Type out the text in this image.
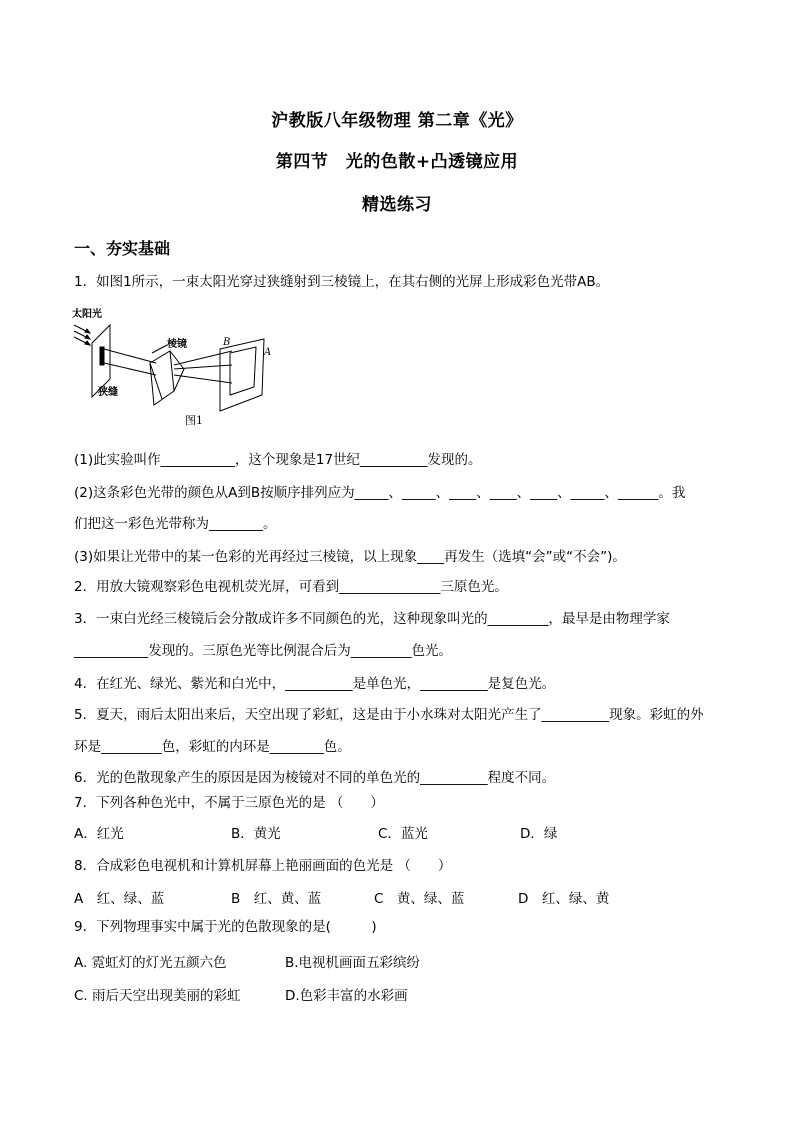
沪教版八年级物理 第二章《光》
第四节　光的色散+凸透镜应用
精选练习
一、夯实基础
1．如图1所示，一束太阳光穿过狭缝射到三棱镜上，在其右侧的光屏上形成彩色光带AB。
太阳光
棱镜
狭缝
B
A
图1
(1)此实验叫作___________，这个现象是17世纪__________发现的。
(2)这条彩色光带的颜色从A到B按顺序排列应为_____、_____、____、____、____、_____、______。我
们把这一彩色光带称为________。
(3)如果让光带中的某一色彩的光再经过三棱镜，以上现象____再发生（选填“会”或“不会”)。
2．用放大镜观察彩色电视机荧光屏，可看到_______________三原色光。
3．一束白光经三棱镜后会分散成许多不同颜色的光，这种现象叫光的_________，最早是由物理学家
___________发现的。三原色光等比例混合后为_________色光。
4．在红光、绿光、紫光和白光中，__________是单色光，__________是复色光。
5．夏天，雨后太阳出来后，天空出现了彩虹，这是由于小水珠对太阳光产生了__________现象。彩虹的外
环是_________色，彩虹的内环是________色。
6．光的色散现象产生的原因是因为棱镜对不同的单色光的__________程度不同。
7．下列各种色光中，不属于三原色光的是 （　　）
A．红光	B．黄光	C．蓝光	D．绿
8．合成彩色电视机和计算机屏幕上艳丽画面的色光是 （　　）
A　红、绿、蓝	B　红、黄、蓝	C　黄、绿、蓝	D　红、绿、黄
9．下列物理事实中属于光的色散现象的是(　　　)
A. 霓虹灯的灯光五颜六色	B.电视机画面五彩缤纷
C. 雨后天空出现美丽的彩虹	D.色彩丰富的水彩画
